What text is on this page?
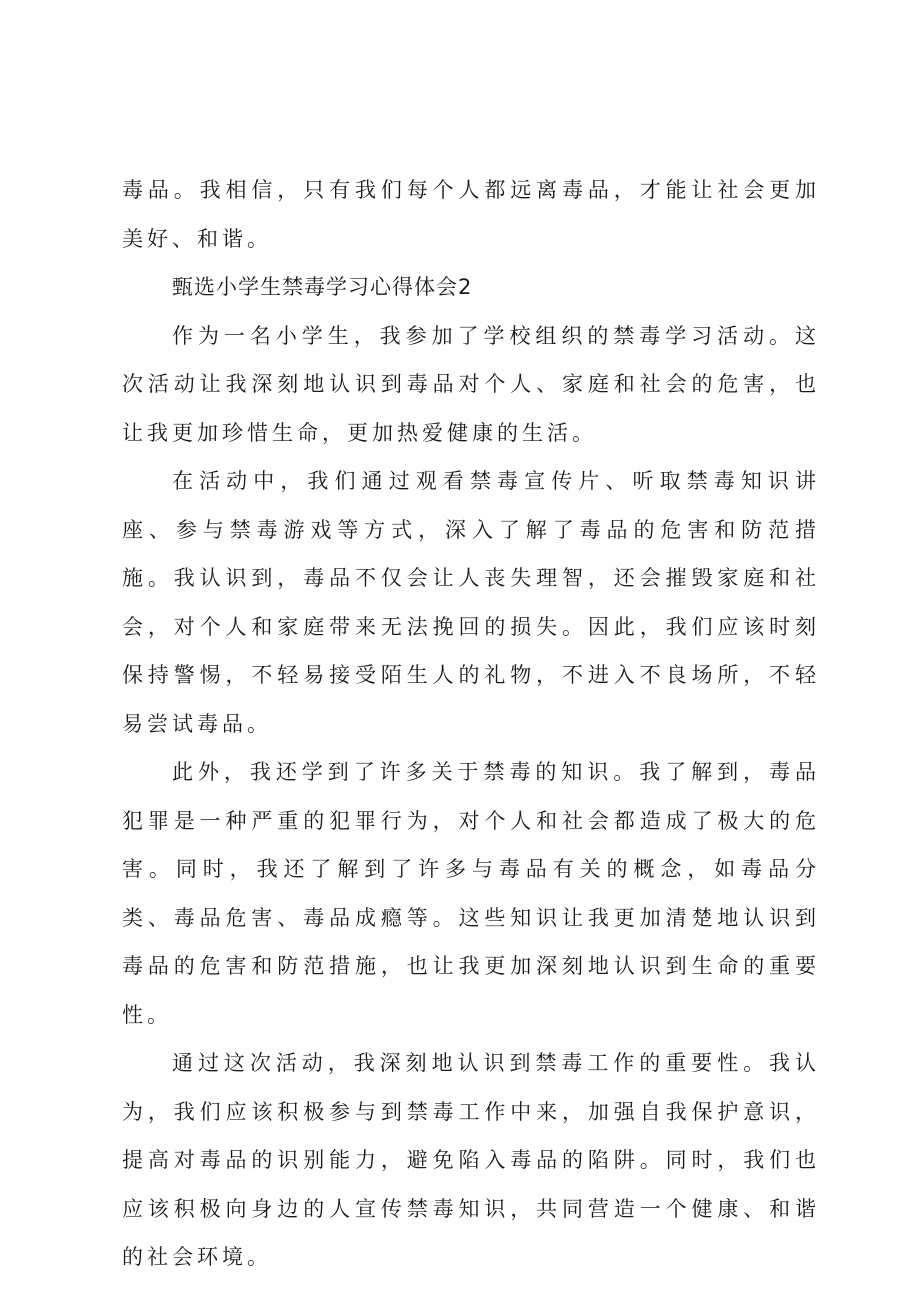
毒品。我相信，只有我们每个人都远离毒品，才能让社会更加美好、和谐。

甄选小学生禁毒学习心得体会2

作为一名小学生，我参加了学校组织的禁毒学习活动。这次活动让我深刻地认识到毒品对个人、家庭和社会的危害，也让我更加珍惜生命，更加热爱健康的生活。

在活动中，我们通过观看禁毒宣传片、听取禁毒知识讲座、参与禁毒游戏等方式，深入了解了毒品的危害和防范措施。我认识到，毒品不仅会让人丧失理智，还会摧毁家庭和社会，对个人和家庭带来无法挽回的损失。因此，我们应该时刻保持警惕，不轻易接受陌生人的礼物，不进入不良场所，不轻易尝试毒品。

此外，我还学到了许多关于禁毒的知识。我了解到，毒品犯罪是一种严重的犯罪行为，对个人和社会都造成了极大的危害。同时，我还了解到了许多与毒品有关的概念，如毒品分类、毒品危害、毒品成瘾等。这些知识让我更加清楚地认识到毒品的危害和防范措施，也让我更加深刻地认识到生命的重要性。

通过这次活动，我深刻地认识到禁毒工作的重要性。我认为，我们应该积极参与到禁毒工作中来，加强自我保护意识，提高对毒品的识别能力，避免陷入毒品的陷阱。同时，我们也应该积极向身边的人宣传禁毒知识，共同营造一个健康、和谐的社会环境。
